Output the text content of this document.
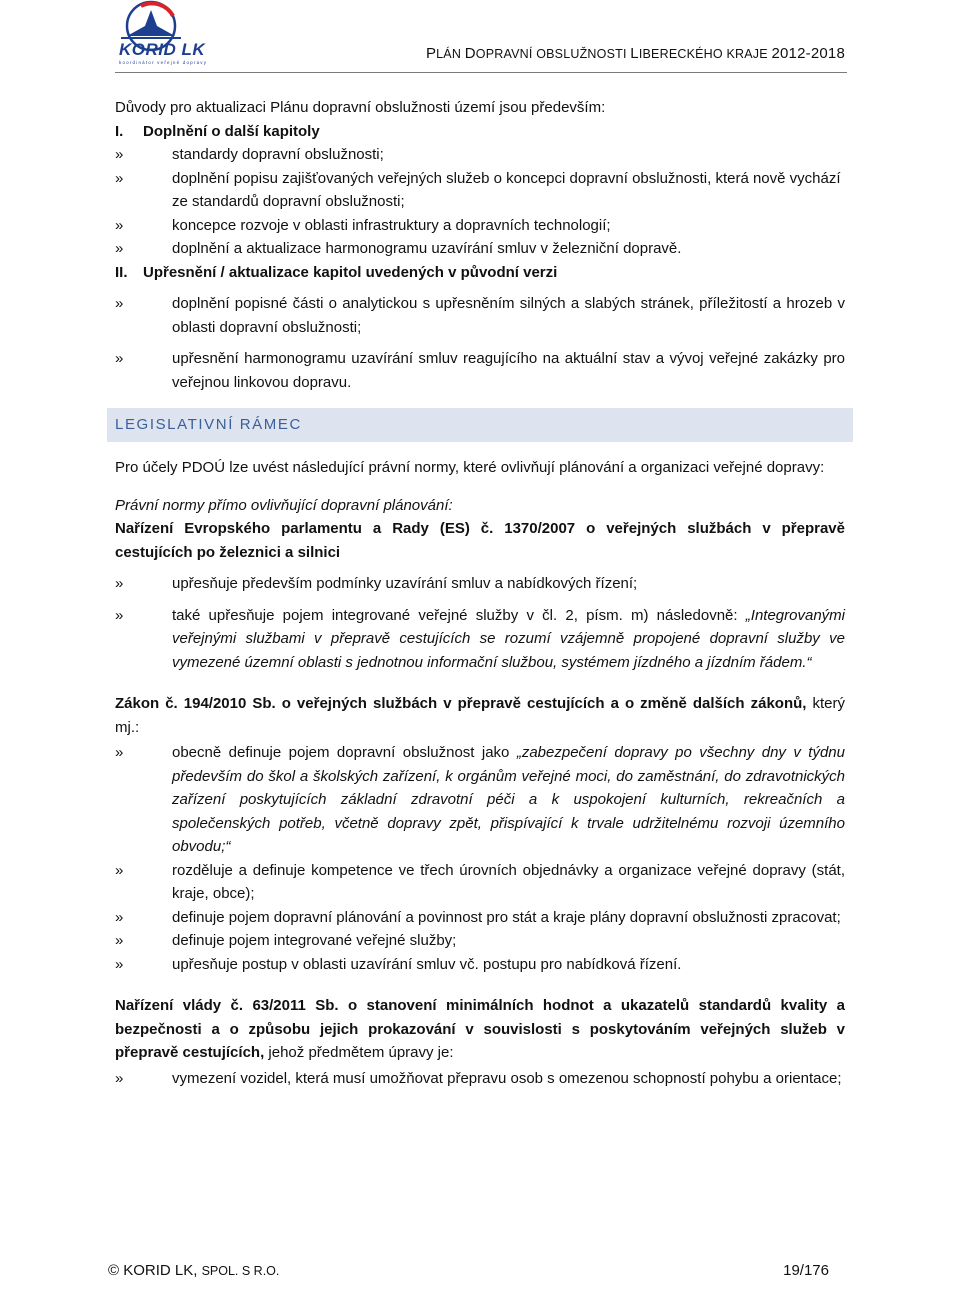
KORID LK
koordinátor veřejné dopravy
PLÁN DOPRAVNÍ OBSLUŽNOSTI LIBERECKÉHO KRAJE 2012-2018

Důvody pro aktualizaci Plánu dopravní obslužnosti území jsou především:

I. Doplnění o další kapitoly

»	standardy dopravní obslužnosti;

»	doplnění popisu zajišťovaných veřejných služeb o koncepci dopravní obslužnosti, která nově vychází ze standardů dopravní obslužnosti;

»	koncepce rozvoje v oblasti infrastruktury a dopravních technologií;

»	doplnění a aktualizace harmonogramu uzavírání smluv v železniční dopravě.

II. Upřesnění / aktualizace kapitol uvedených v původní verzi

»	doplnění popisné části o analytickou s upřesněním silných a slabých stránek, příležitostí a hrozeb v oblasti dopravní obslužnosti;

»	upřesnění harmonogramu uzavírání smluv reagujícího na aktuální stav a vývoj veřejné zakázky pro veřejnou linkovou dopravu.

LEGISLATIVNÍ RÁMEC

Pro účely PDOÚ lze uvést následující právní normy, které ovlivňují plánování a organizaci veřejné dopravy:

Právní normy přímo ovlivňující dopravní plánování:

Nařízení Evropského parlamentu a Rady (ES) č. 1370/2007 o veřejných službách v přepravě cestujících po železnici a silnici

»	upřesňuje především podmínky uzavírání smluv a nabídkových řízení;

»	také upřesňuje pojem integrované veřejné služby v čl. 2, písm. m) následovně: „Integrovanými veřejnými službami v přepravě cestujících se rozumí vzájemně propojené dopravní služby ve vymezené územní oblasti s jednotnou informační službou, systémem jízdného a jízdním řádem.“

Zákon č. 194/2010 Sb. o veřejných službách v přepravě cestujících a o změně dalších zákonů, který mj.:

»	obecně definuje pojem dopravní obslužnost jako „zabezpečení dopravy po všechny dny v týdnu především do škol a školských zařízení, k orgánům veřejné moci, do zaměstnání, do zdravotnických zařízení poskytujících základní zdravotní péči a k uspokojení kulturních, rekreačních a společenských potřeb, včetně dopravy zpět, přispívající k trvale udržitelnému rozvoji územního obvodu;“

»	rozděluje a definuje kompetence ve třech úrovních objednávky a organizace veřejné dopravy (stát, kraje, obce);

»	definuje pojem dopravní plánování a povinnost pro stát a kraje plány dopravní obslužnosti zpracovat;

»	definuje pojem integrované veřejné služby;

»	upřesňuje postup v oblasti uzavírání smluv vč. postupu pro nabídková řízení.

Nařízení vlády č. 63/2011 Sb. o stanovení minimálních hodnot a ukazatelů standardů kvality a bezpečnosti a o způsobu jejich prokazování v souvislosti s poskytováním veřejných služeb v přepravě cestujících, jehož předmětem úpravy je:

»	vymezení vozidel, která musí umožňovat přepravu osob s omezenou schopností pohybu a orientace;

© KORID LK, SPOL. S R.O.	19/176
